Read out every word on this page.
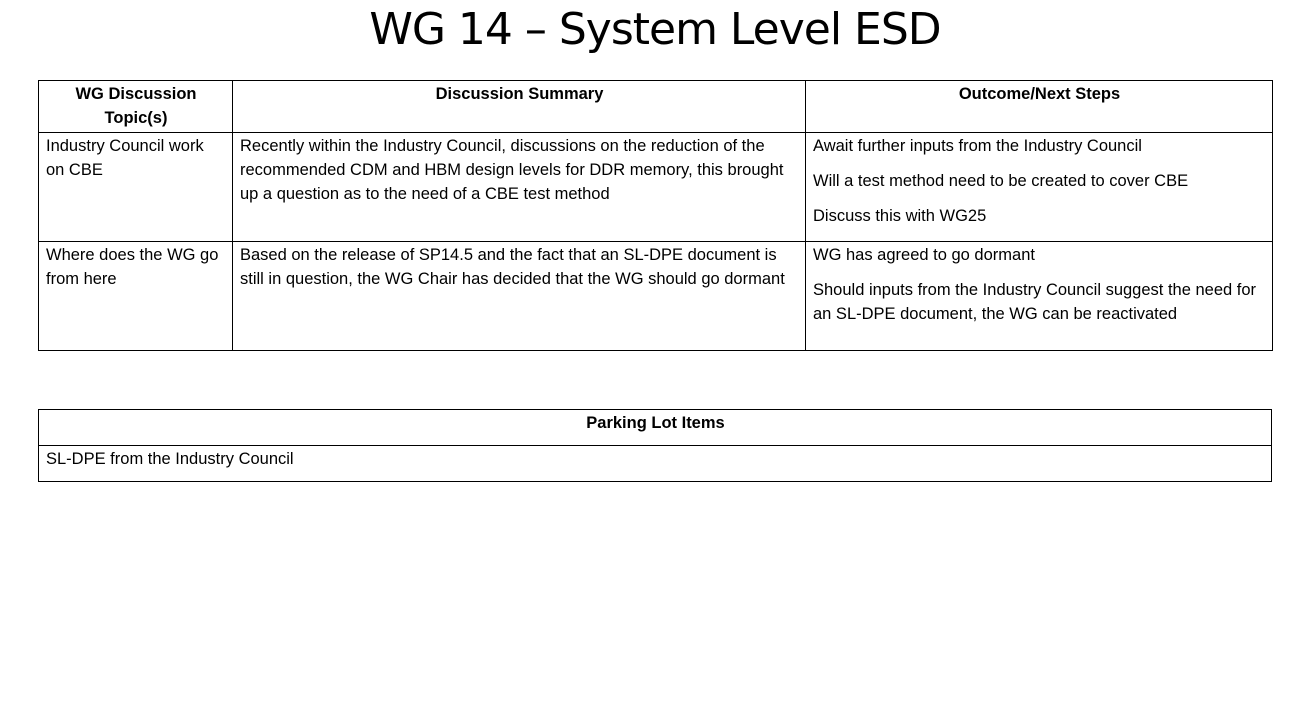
WG 14 – System Level ESD
WG Discussion Topic(s)	Discussion Summary	Outcome/Next Steps
Industry Council work on CBE	Recently within the Industry Council, discussions on the reduction of the recommended CDM and HBM design levels for DDR memory, this brought up a question as to the need of a CBE test method	Await further inputs from the Industry Council

Will a test method need to be created to cover CBE

Discuss this with WG25

Where does the WG go from here	Based on the release of SP14.5 and the fact that an SL-DPE document is still in question, the WG Chair has decided that the WG should go dormant	WG has agreed to go dormant

Should inputs from the Industry Council suggest the need for an SL-DPE document, the WG can be reactivated

Parking Lot Items
SL-DPE from the Industry Council
